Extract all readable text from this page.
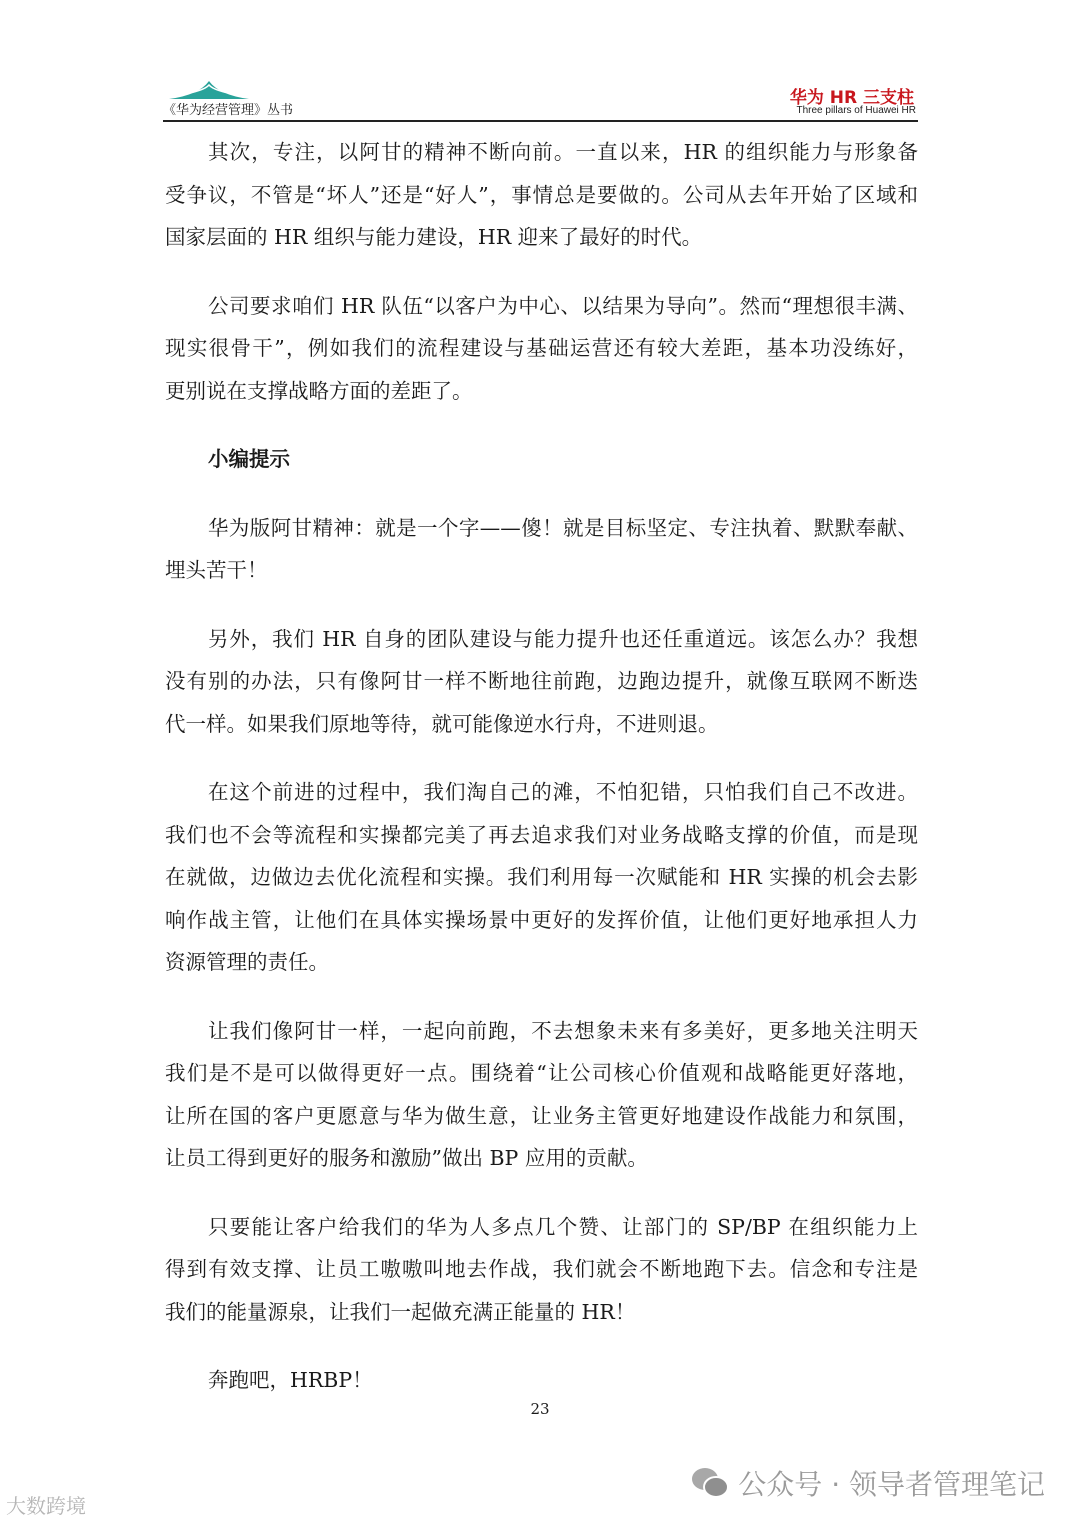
《华为经营管理》丛书
华为 HR 三支柱
Three pillars of Huawei HR
其次，专注，以阿甘的精神不断向前。一直以来，HR 的组织能力与形象备
受争议，不管是“坏人”还是“好人”，事情总是要做的。公司从去年开始了区域和
国家层面的 HR 组织与能力建设，HR 迎来了最好的时代。
公司要求咱们 HR 队伍“以客户为中心、以结果为导向”。然而“理想很丰满、
现实很骨干”，例如我们的流程建设与基础运营还有较大差距，基本功没练好，
更别说在支撑战略方面的差距了。
小编提示
华为版阿甘精神：就是一个字——傻！就是目标坚定、专注执着、默默奉献、
埋头苦干！
另外，我们 HR 自身的团队建设与能力提升也还任重道远。该怎么办？我想
没有别的办法，只有像阿甘一样不断地往前跑，边跑边提升，就像互联网不断迭
代一样。如果我们原地等待，就可能像逆水行舟，不进则退。
在这个前进的过程中，我们淘自己的滩，不怕犯错，只怕我们自己不改进。
我们也不会等流程和实操都完美了再去追求我们对业务战略支撑的价值，而是现
在就做，边做边去优化流程和实操。我们利用每一次赋能和 HR 实操的机会去影
响作战主管，让他们在具体实操场景中更好的发挥价值，让他们更好地承担人力
资源管理的责任。
让我们像阿甘一样，一起向前跑，不去想象未来有多美好，更多地关注明天
我们是不是可以做得更好一点。围绕着“让公司核心价值观和战略能更好落地，
让所在国的客户更愿意与华为做生意，让业务主管更好地建设作战能力和氛围，
让员工得到更好的服务和激励”做出 BP 应用的贡献。
只要能让客户给我们的华为人多点几个赞、让部门的 SP/BP 在组织能力上
得到有效支撑、让员工嗷嗷叫地去作战，我们就会不断地跑下去。信念和专注是
我们的能量源泉，让我们一起做充满正能量的 HR！
奔跑吧，HRBP！
23
公众号 · 领导者管理笔记
大数跨境
